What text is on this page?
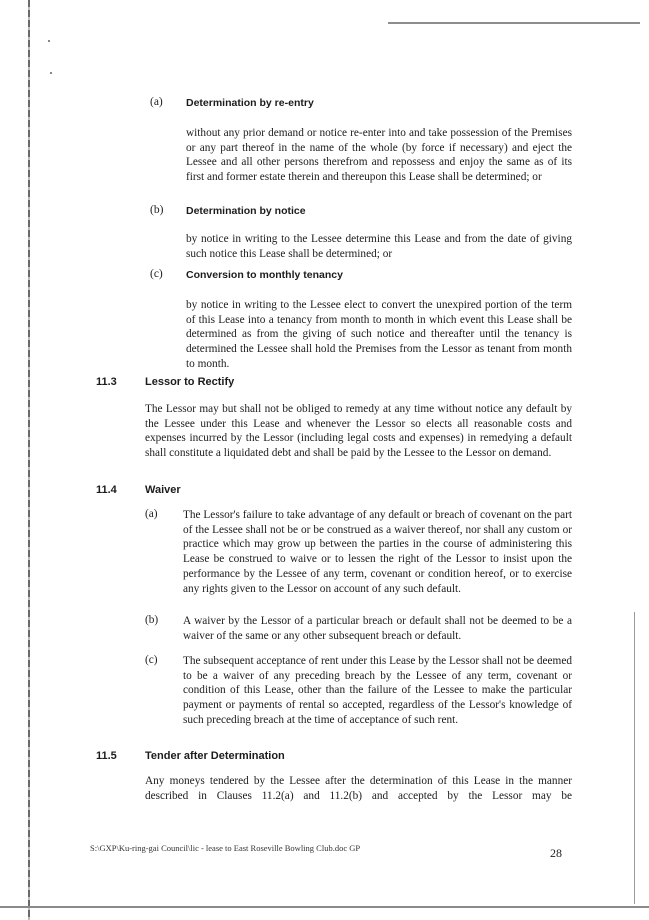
(a) Determination by re-entry

without any prior demand or notice re-enter into and take possession of the Premises or any part thereof in the name of the whole (by force if necessary) and eject the Lessee and all other persons therefrom and repossess and enjoy the same as of its first and former estate therein and thereupon this Lease shall be determined; or

(b) Determination by notice

by notice in writing to the Lessee determine this Lease and from the date of giving such notice this Lease shall be determined; or

(c) Conversion to monthly tenancy

by notice in writing to the Lessee elect to convert the unexpired portion of the term of this Lease into a tenancy from month to month in which event this Lease shall be determined as from the giving of such notice and thereafter until the tenancy is determined the Lessee shall hold the Premises from the Lessor as tenant from month to month.

11.3	Lessor to Rectify

The Lessor may but shall not be obliged to remedy at any time without notice any default by the Lessee under this Lease and whenever the Lessor so elects all reasonable costs and expenses incurred by the Lessor (including legal costs and expenses) in remedying a default shall constitute a liquidated debt and shall be paid by the Lessee to the Lessor on demand.

11.4	Waiver
(a) The Lessor's failure to take advantage of any default or breach of covenant on the part of the Lessee shall not be or be construed as a waiver thereof, nor shall any custom or practice which may grow up between the parties in the course of administering this Lease be construed to waive or to lessen the right of the Lessor to insist upon the performance by the Lessee of any term, covenant or condition hereof, or to exercise any rights given to the Lessor on account of any such default.

(b) A waiver by the Lessor of a particular breach or default shall not be deemed to be a waiver of the same or any other subsequent breach or default.

(c) The subsequent acceptance of rent under this Lease by the Lessor shall not be deemed to be a waiver of any preceding breach by the Lessee of any term, covenant or condition of this Lease, other than the failure of the Lessee to make the particular payment or payments of rental so accepted, regardless of the Lessor's knowledge of such preceding breach at the time of acceptance of such rent.

11.5	Tender after Determination

Any moneys tendered by the Lessee after the determination of this Lease in the manner described in Clauses 11.2(a) and 11.2(b) and accepted by the Lessor may be

S:\GXP\Ku-ring-gai Council\lic - lease to East Roseville Bowling Club.doc GP	28
